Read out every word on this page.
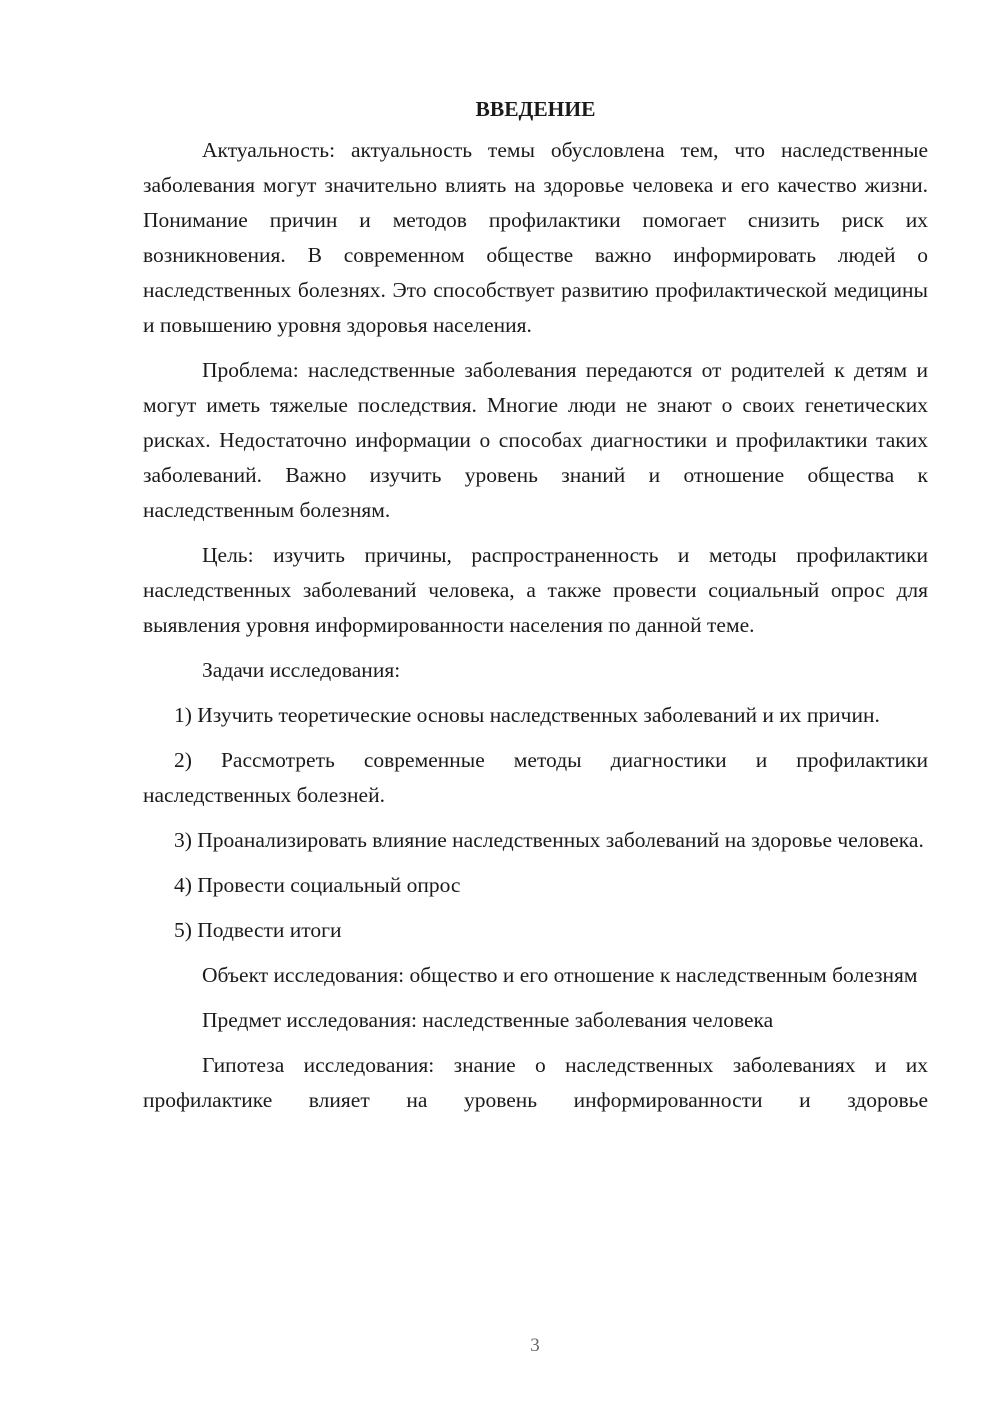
ВВЕДЕНИЕ

Актуальность: актуальность темы обусловлена тем, что наследственные заболевания могут значительно влиять на здоровье человека и его качество жизни. Понимание причин и методов профилактики помогает снизить риск их возникновения. В современном обществе важно информировать людей о наследственных болезнях. Это способствует развитию профилактической медицины и повышению уровня здоровья населения.

Проблема: наследственные заболевания передаются от родителей к детям и могут иметь тяжелые последствия. Многие люди не знают о своих генетических рисках. Недостаточно информации о способах диагностики и профилактики таких заболеваний. Важно изучить уровень знаний и отношение общества к наследственным болезням.

Цель: изучить причины, распространенность и методы профилактики наследственных заболеваний человека, а также провести социальный опрос для выявления уровня информированности населения по данной теме.

Задачи исследования:

1) Изучить теоретические основы наследственных заболеваний и их причин.

2) Рассмотреть современные методы диагностики и профилактики наследственных болезней.

3) Проанализировать влияние наследственных заболеваний на здоровье человека.

4) Провести социальный опрос

5) Подвести итоги

Объект исследования: общество и его отношение к наследственным болезням

Предмет исследования: наследственные заболевания человека

Гипотеза исследования: знание о наследственных заболеваниях и их профилактике влияет на уровень информированности и здоровье

3
